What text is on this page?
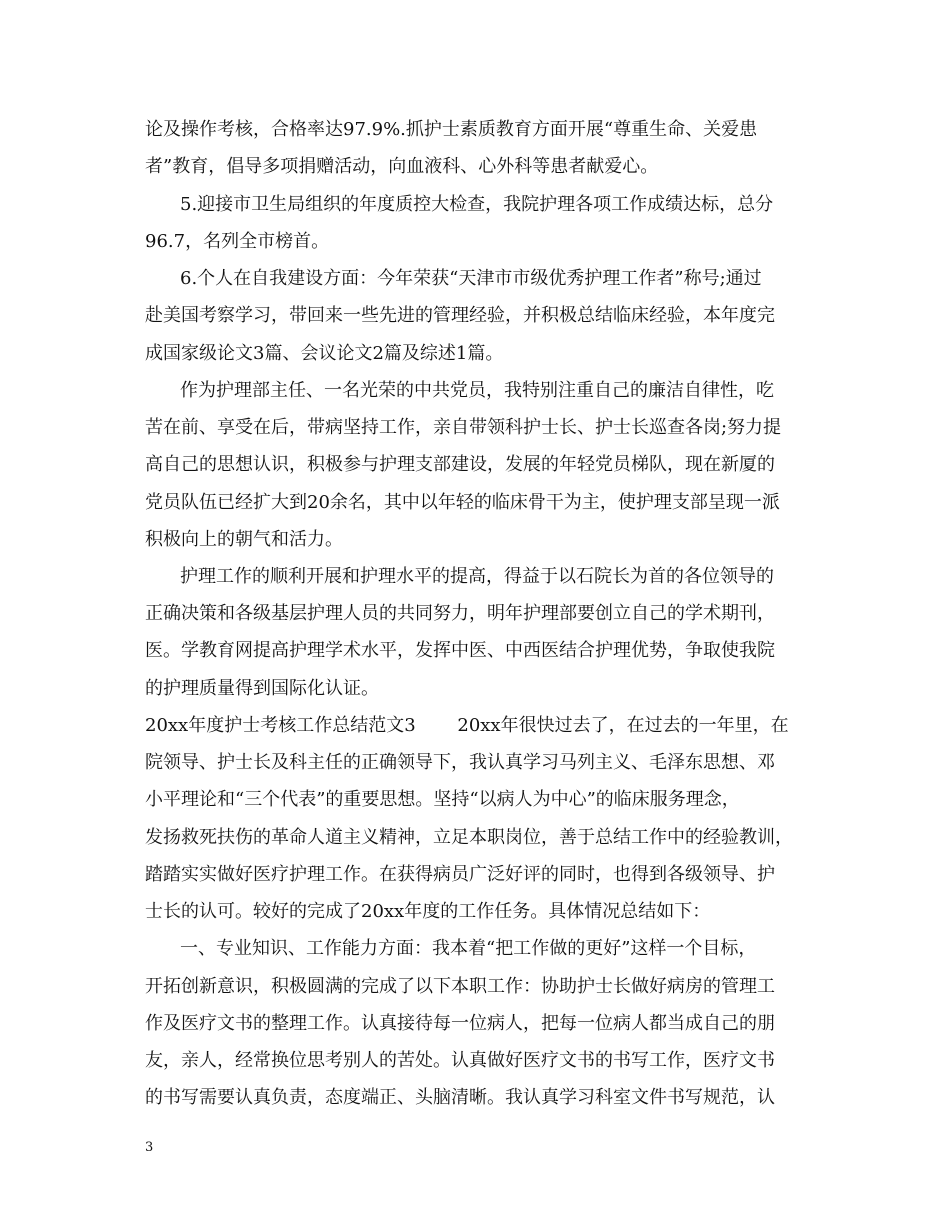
论及操作考核，合格率达97.9%.抓护士素质教育方面开展“尊重生命、关爱患
者”教育，倡导多项捐赠活动，向血液科、心外科等患者献爱心。
5.迎接市卫生局组织的年度质控大检查，我院护理各项工作成绩达标，总分
96.7，名列全市榜首。
6.个人在自我建设方面：今年荣获“天津市市级优秀护理工作者”称号;通过
赴美国考察学习，带回来一些先进的管理经验，并积极总结临床经验，本年度完
成国家级论文3篇、会议论文2篇及综述1篇。
作为护理部主任、一名光荣的中共党员，我特别注重自己的廉洁自律性，吃
苦在前、享受在后，带病坚持工作，亲自带领科护士长、护士长巡查各岗;努力提
高自己的思想认识，积极参与护理支部建设，发展的年轻党员梯队，现在新厦的
党员队伍已经扩大到20余名，其中以年轻的临床骨干为主，使护理支部呈现一派
积极向上的朝气和活力。
护理工作的顺利开展和护理水平的提高，得益于以石院长为首的各位领导的
正确决策和各级基层护理人员的共同努力，明年护理部要创立自己的学术期刊，
医。学教育网提高护理学术水平，发挥中医、中西医结合护理优势，争取使我院
的护理质量得到国际化认证。
20xx年度护士考核工作总结范文3　　 20xx年很快过去了，在过去的一年里，在
院领导、护士长及科主任的正确领导下，我认真学习马列主义、毛泽东思想、邓
小平理论和“三个代表”的重要思想。坚持“以病人为中心”的临床服务理念，
发扬救死扶伤的革命人道主义精神，立足本职岗位，善于总结工作中的经验教训，
踏踏实实做好医疗护理工作。在获得病员广泛好评的同时，也得到各级领导、护
士长的认可。较好的完成了20xx年度的工作任务。具体情况总结如下：
一、专业知识、工作能力方面：我本着“把工作做的更好”这样一个目标，
开拓创新意识，积极圆满的完成了以下本职工作：协助护士长做好病房的管理工
作及医疗文书的整理工作。认真接待每一位病人，把每一位病人都当成自己的朋
友，亲人，经常换位思考别人的苦处。认真做好医疗文书的书写工作，医疗文书
的书写需要认真负责，态度端正、头脑清晰。我认真学习科室文件书写规范，认
3
